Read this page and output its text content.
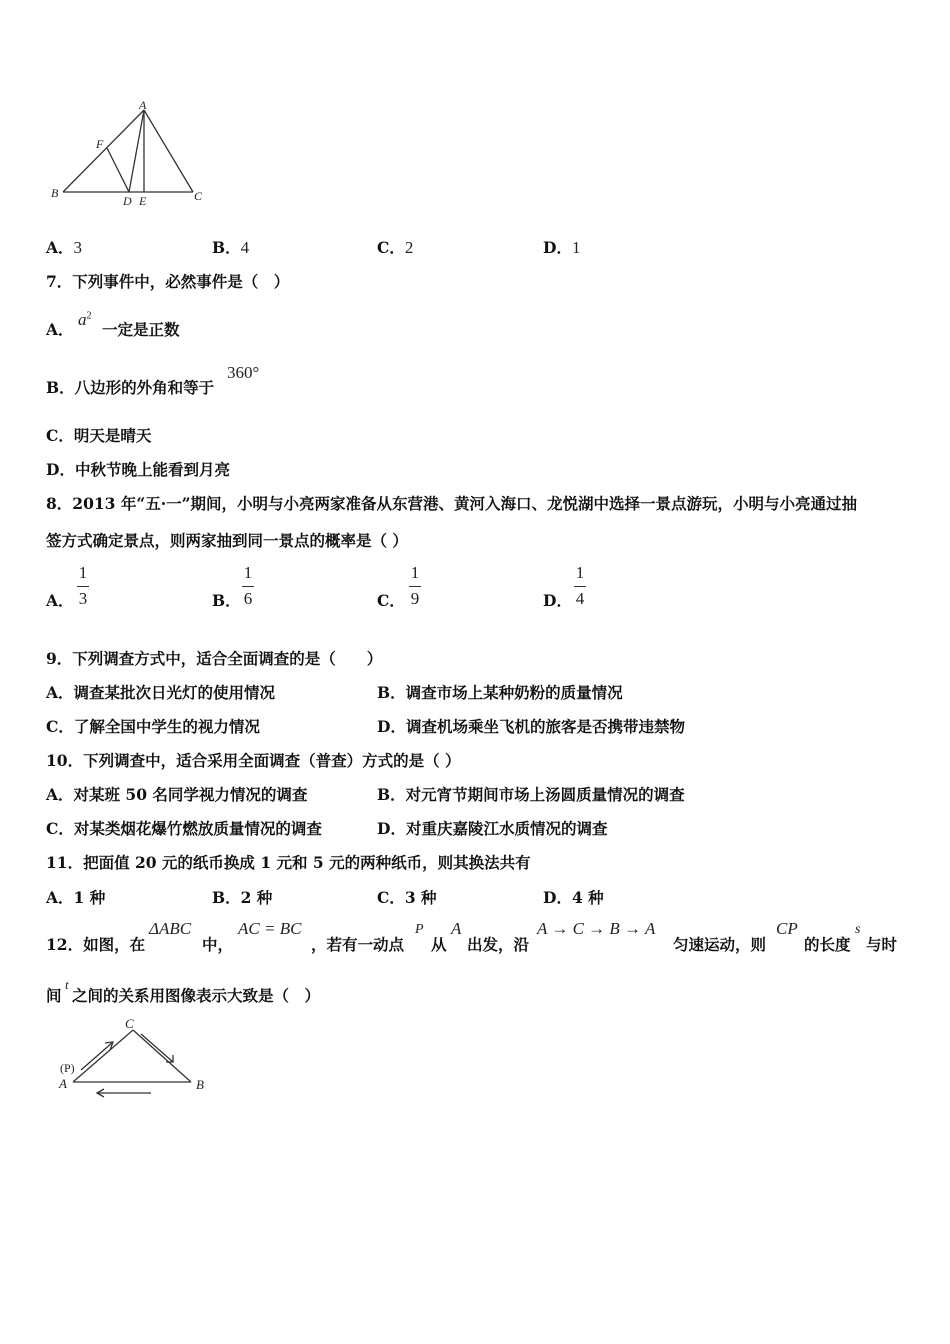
A
F
B
D E	C
A．3	B．4	C．2	D．1
7．下列事件中，必然事件是（　）
A．
$a^2$
一定是正数
B．八边形的外角和等于
360°
C．明天是晴天
D．中秋节晚上能看到月亮
8．2013 年“五·一”期间，小明与小亮两家准备从东营港、黄河入海口、龙悦湖中选择一景点游玩，小明与小亮通过抽
签方式确定景点，则两家抽到同一景点的概率是（ ）
A．
1
3	B．
1
6	C．
1
9	D．
1
4
9．下列调查方式中，适合全面调查的是（　　）
A．调查某批次日光灯的使用情况	B．调查市场上某种奶粉的质量情况
C．了解全国中学生的视力情况	D．调查机场乘坐飞机的旅客是否携带违禁物
10．下列调查中，适合采用全面调查（普查）方式的是（ ）
A．对某班 50 名同学视力情况的调查	B．对元宵节期间市场上汤圆质量情况的调查
C．对某类烟花爆竹燃放质量情况的调查	D．对重庆嘉陵江水质情况的调查
11．把面值 20 元的纸币换成 1 元和 5 元的两种纸币，则其换法共有
A．1 种	B．2 种	C．3 种	D．4 种
12．如图，在
ΔABC
中，
AC = BC
，若有一动点
P
从
A
出发，沿
A → C → B → A
匀速运动，则
CP
的长度
s
与时
间
t
之间的关系用图像表示大致是（　）
C
(P)
A	B
